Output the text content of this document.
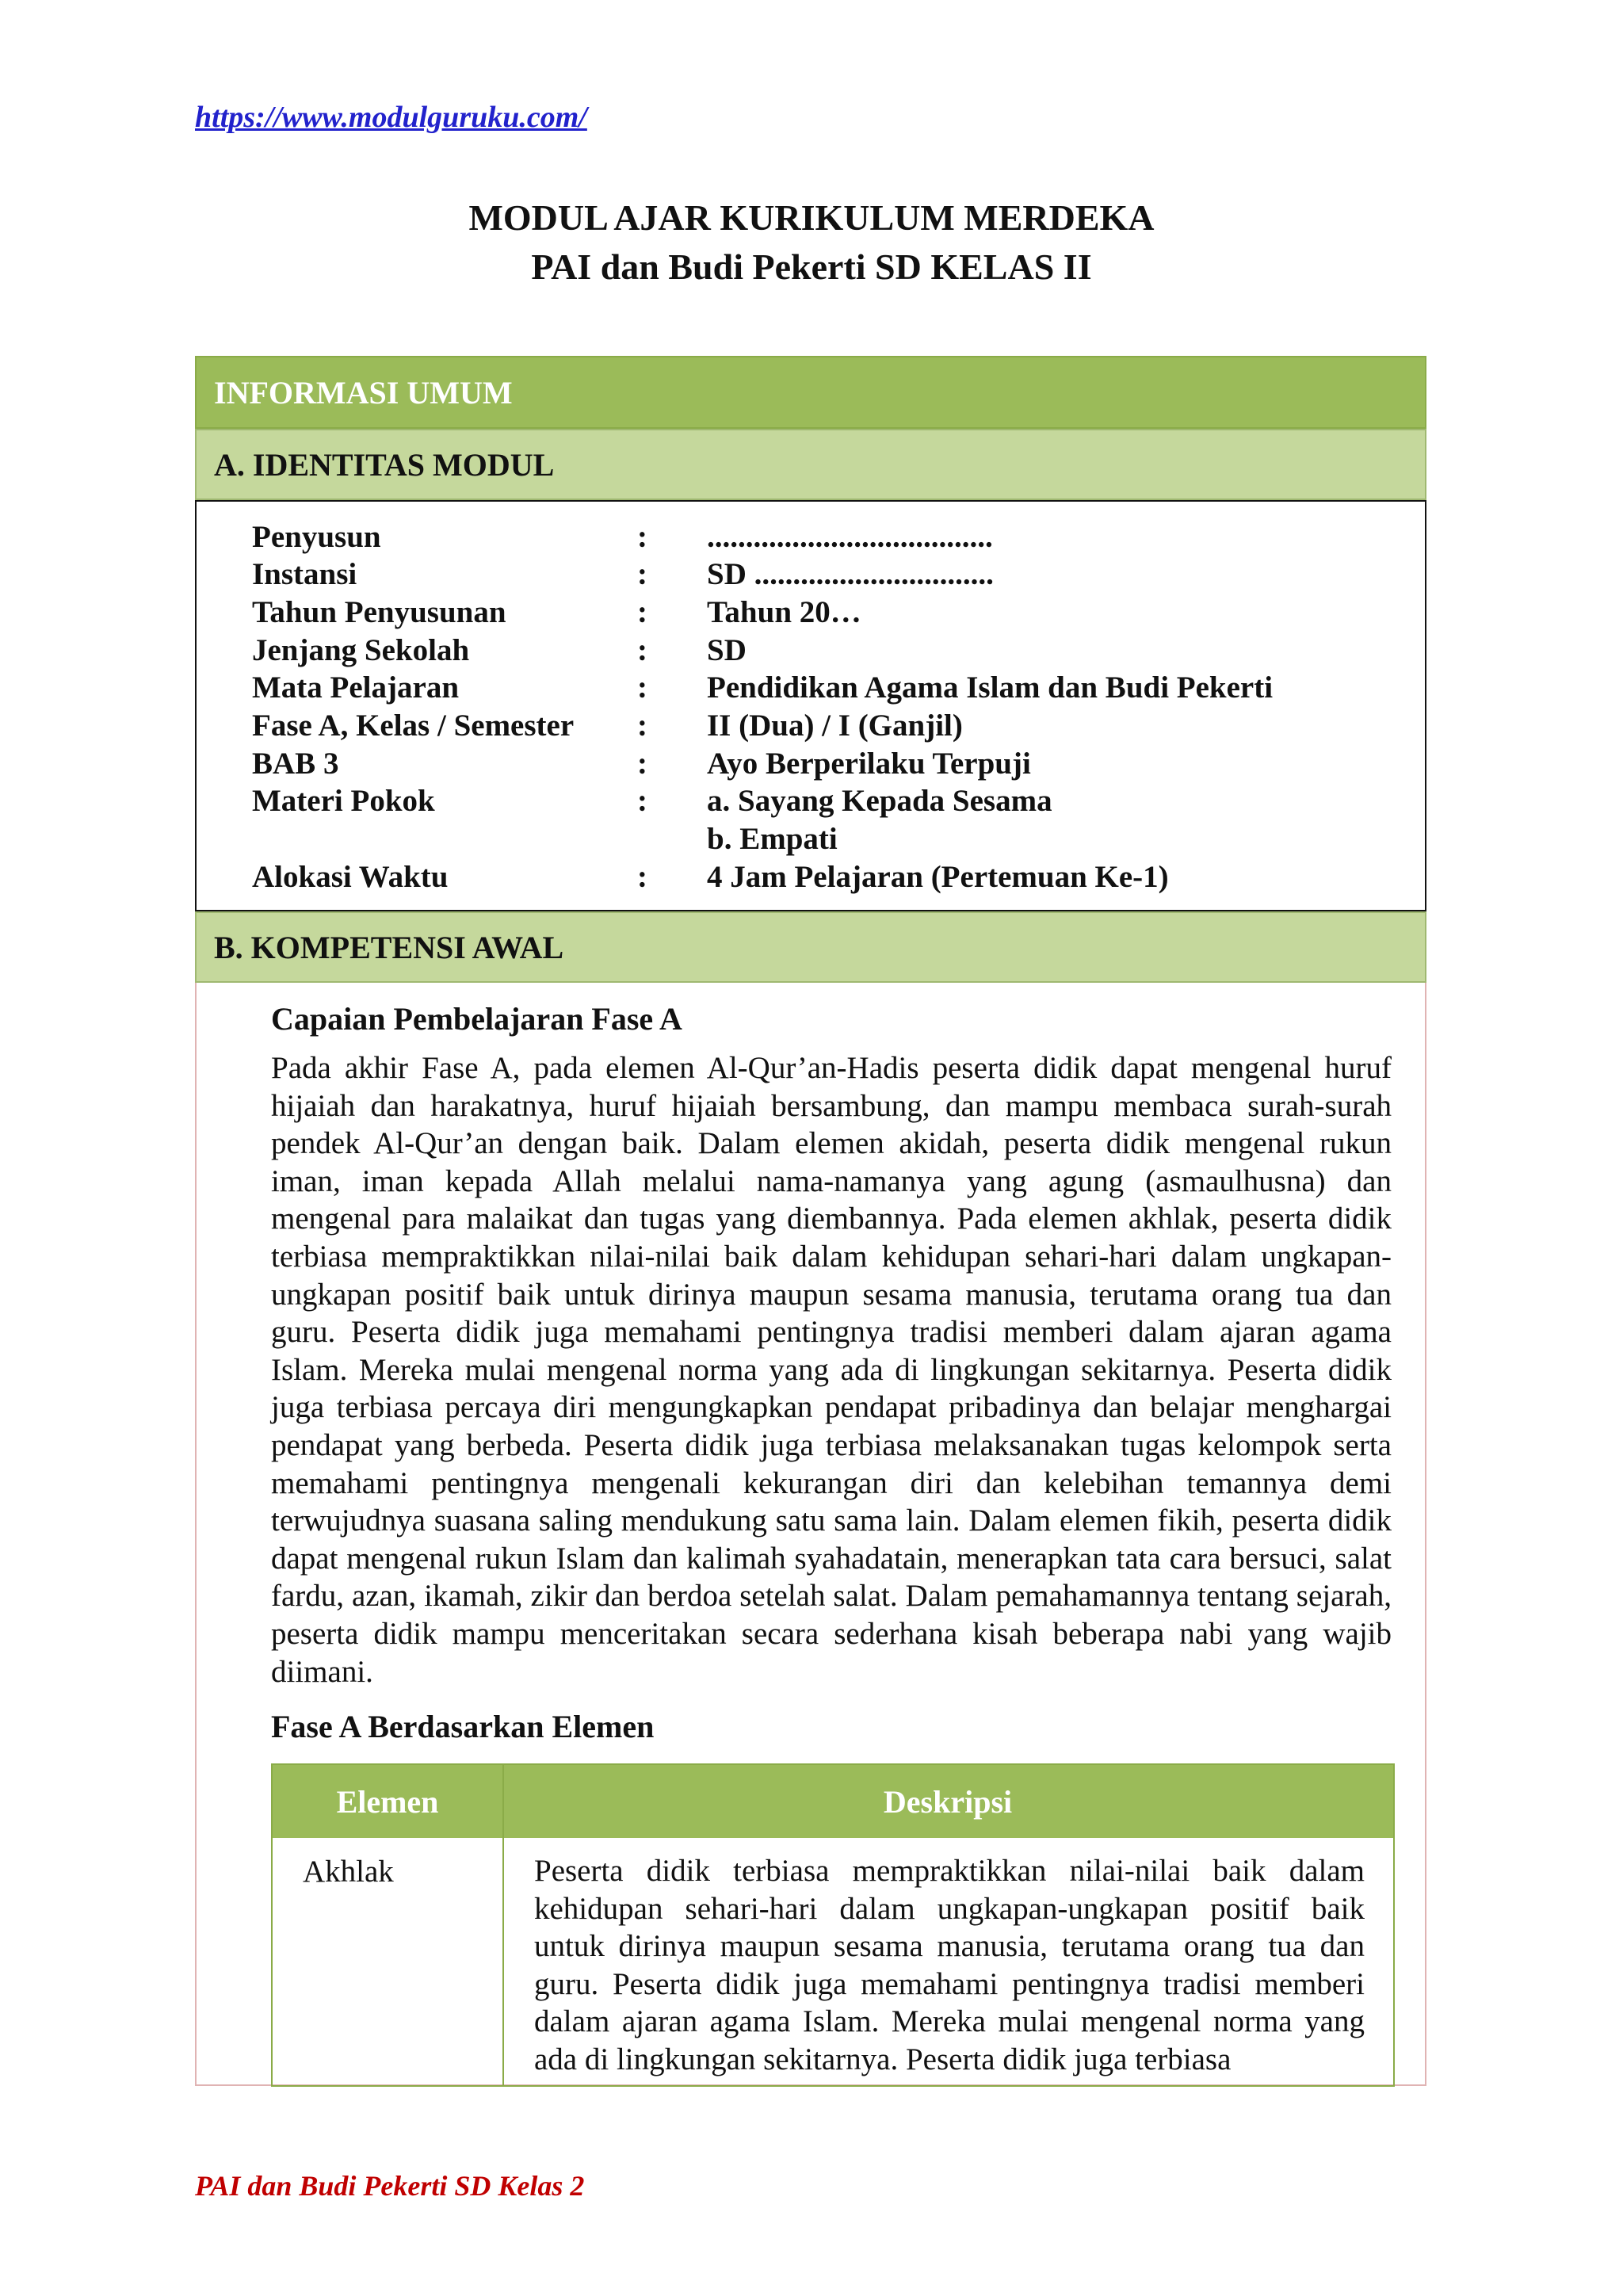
https://www.modulguruku.com/
MODUL AJAR KURIKULUM MERDEKA
PAI dan Budi Pekerti SD KELAS II
INFORMASI UMUM
A. IDENTITAS MODUL
Penyusun	: .....................................
Instansi	: SD ...............................
Tahun Penyusunan	: Tahun 20…
Jenjang Sekolah	: SD
Mata Pelajaran	: Pendidikan Agama Islam dan Budi Pekerti
Fase A, Kelas / Semester : II (Dua) / I (Ganjil)
BAB 3	: Ayo Berperilaku Terpuji
Materi Pokok	: a. Sayang Kepada Sesama
b. Empati
Alokasi Waktu	: 4 Jam Pelajaran (Pertemuan Ke-1)
B. KOMPETENSI AWAL
Capaian Pembelajaran Fase A
Pada akhir Fase A, pada elemen Al-Qur’an-Hadis peserta didik dapat mengenal huruf hijaiah dan harakatnya, huruf hijaiah bersambung, dan mampu membaca surah-surah pendek Al-Qur’an dengan baik. Dalam elemen akidah, peserta didik mengenal rukun iman, iman kepada Allah melalui nama-namanya yang agung (asmaulhusna) dan mengenal para malaikat dan tugas yang diembannya. Pada elemen akhlak, peserta didik terbiasa mempraktikkan nilai-nilai baik dalam kehidupan sehari-hari dalam ungkapan-ungkapan positif baik untuk dirinya maupun sesama manusia, terutama orang tua dan guru. Peserta didik juga memahami pentingnya tradisi memberi dalam ajaran agama Islam. Mereka mulai mengenal norma yang ada di lingkungan sekitarnya. Peserta didik juga terbiasa percaya diri mengungkapkan pendapat pribadinya dan belajar menghargai pendapat yang berbeda. Peserta didik juga terbiasa melaksanakan tugas kelompok serta memahami pentingnya mengenali kekurangan diri dan kelebihan temannya demi terwujudnya suasana saling mendukung satu sama lain. Dalam elemen fikih, peserta didik dapat mengenal rukun Islam dan kalimah syahadatain, menerapkan tata cara bersuci, salat fardu, azan, ikamah, zikir dan berdoa setelah salat. Dalam pemahamannya tentang sejarah, peserta didik mampu menceritakan secara sederhana kisah beberapa nabi yang wajib diimani.
Fase A Berdasarkan Elemen
Elemen	Deskripsi
Akhlak	Peserta didik terbiasa mempraktikkan nilai-nilai baik dalam kehidupan sehari-hari dalam ungkapan-ungkapan positif baik untuk dirinya maupun sesama manusia, terutama orang tua dan guru. Peserta didik juga memahami pentingnya tradisi memberi dalam ajaran agama Islam. Mereka mulai mengenal norma yang ada di lingkungan sekitarnya. Peserta didik juga terbiasa
PAI dan Budi Pekerti SD Kelas 2
